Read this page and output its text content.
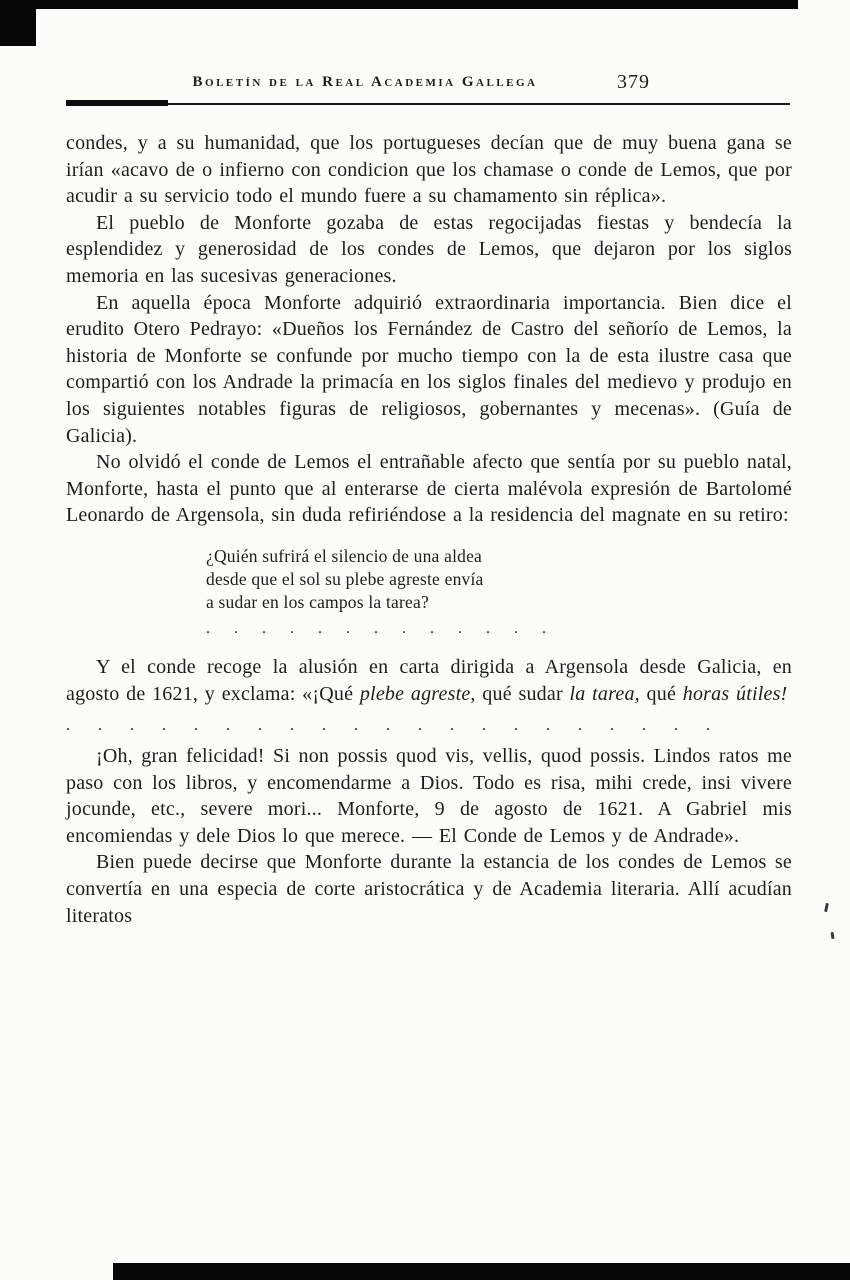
Boletín de la Real Academia Gallega	379

condes, y a su humanidad, que los portugueses decían que de muy buena gana se irían «acavo de o infierno con condicion que los chamase o conde de Lemos, que por acudir a su servicio todo el mundo fuere a su chamamento sin réplica».

El pueblo de Monforte gozaba de estas regocijadas fiestas y bendecía la esplendidez y generosidad de los condes de Lemos, que dejaron por los siglos memoria en las sucesivas generaciones.

En aquella época Monforte adquirió extraordinaria importancia. Bien dice el erudito Otero Pedrayo: «Dueños los Fernández de Castro del señorío de Lemos, la historia de Monforte se confunde por mucho tiempo con la de esta ilustre casa que compartió con los Andrade la primacía en los siglos finales del medievo y produjo en los siguientes notables figuras de religiosos, gobernantes y mecenas». (Guía de Galicia).

No olvidó el conde de Lemos el entrañable afecto que sentía por su pueblo natal, Monforte, hasta el punto que al enterarse de cierta malévola expresión de Bartolomé Leonardo de Argensola, sin duda refiriéndose a la residencia del magnate en su retiro:

¿Quién sufrirá el silencio de una aldea
desde que el sol su plebe agreste envía
a sudar en los campos la tarea?
. . . . . . . . . . . . .

Y el conde recoge la alusión en carta dirigida a Argensola desde Galicia, en agosto de 1621, y exclama: «¡Qué plebe agreste, qué sudar la tarea, qué horas útiles!

. . . . . . . . . . . . . . . . . . . . .

¡Oh, gran felicidad! Si non possis quod vis, vellis, quod possis. Lindos ratos me paso con los libros, y encomendarme a Dios. Todo es risa, mihi crede, insi vivere jocunde, etc., severe mori... Monforte, 9 de agosto de 1621. A Gabriel mis encomiendas y dele Dios lo que merece. — El Conde de Lemos y de Andrade».

Bien puede decirse que Monforte durante la estancia de los condes de Lemos se convertía en una especia de corte aristocrática y de Academia literaria. Allí acudían literatos
